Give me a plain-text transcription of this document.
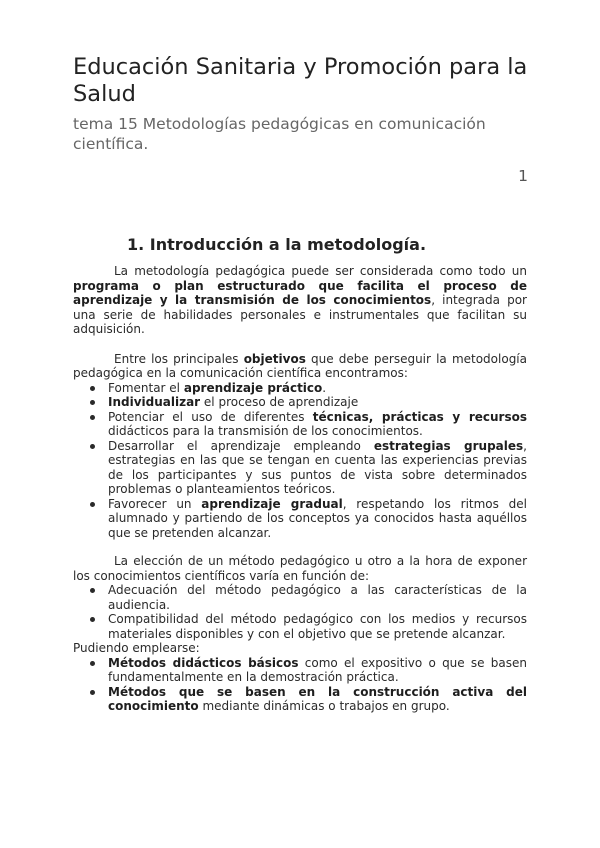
Educación Sanitaria y Promoción para la Salud

tema 15 Metodologías pedagógicas en comunicación científica.

1
1. Introducción a la metodología.

La metodología pedagógica puede ser considerada como todo un programa o plan estructurado que facilita el proceso de aprendizaje y la transmisión de los conocimientos, integrada por una serie de habilidades personales e instrumentales que facilitan su adquisición.

Entre los principales objetivos que debe perseguir la metodología pedagógica en la comunicación científica encontramos:

Fomentar el aprendizaje práctico.
Individualizar el proceso de aprendizaje
Potenciar el uso de diferentes técnicas, prácticas y recursos didácticos para la transmisión de los conocimientos.
Desarrollar el aprendizaje empleando estrategias grupales, estrategias en las que se tengan en cuenta las experiencias previas de los participantes y sus puntos de vista sobre determinados problemas o planteamientos teóricos.
Favorecer un aprendizaje gradual, respetando los ritmos del alumnado y partiendo de los conceptos ya conocidos hasta aquéllos que se pretenden alcanzar.

La elección de un método pedagógico u otro a la hora de exponer los conocimientos científicos varía en función de:

Adecuación del método pedagógico a las características de la audiencia.
Compatibilidad del método pedagógico con los medios y recursos materiales disponibles y con el objetivo que se pretende alcanzar.

Pudiendo emplearse:

Métodos didácticos básicos como el expositivo o que se basen fundamentalmente en la demostración práctica.
Métodos que se basen en la construcción activa del conocimiento mediante dinámicas o trabajos en grupo.
